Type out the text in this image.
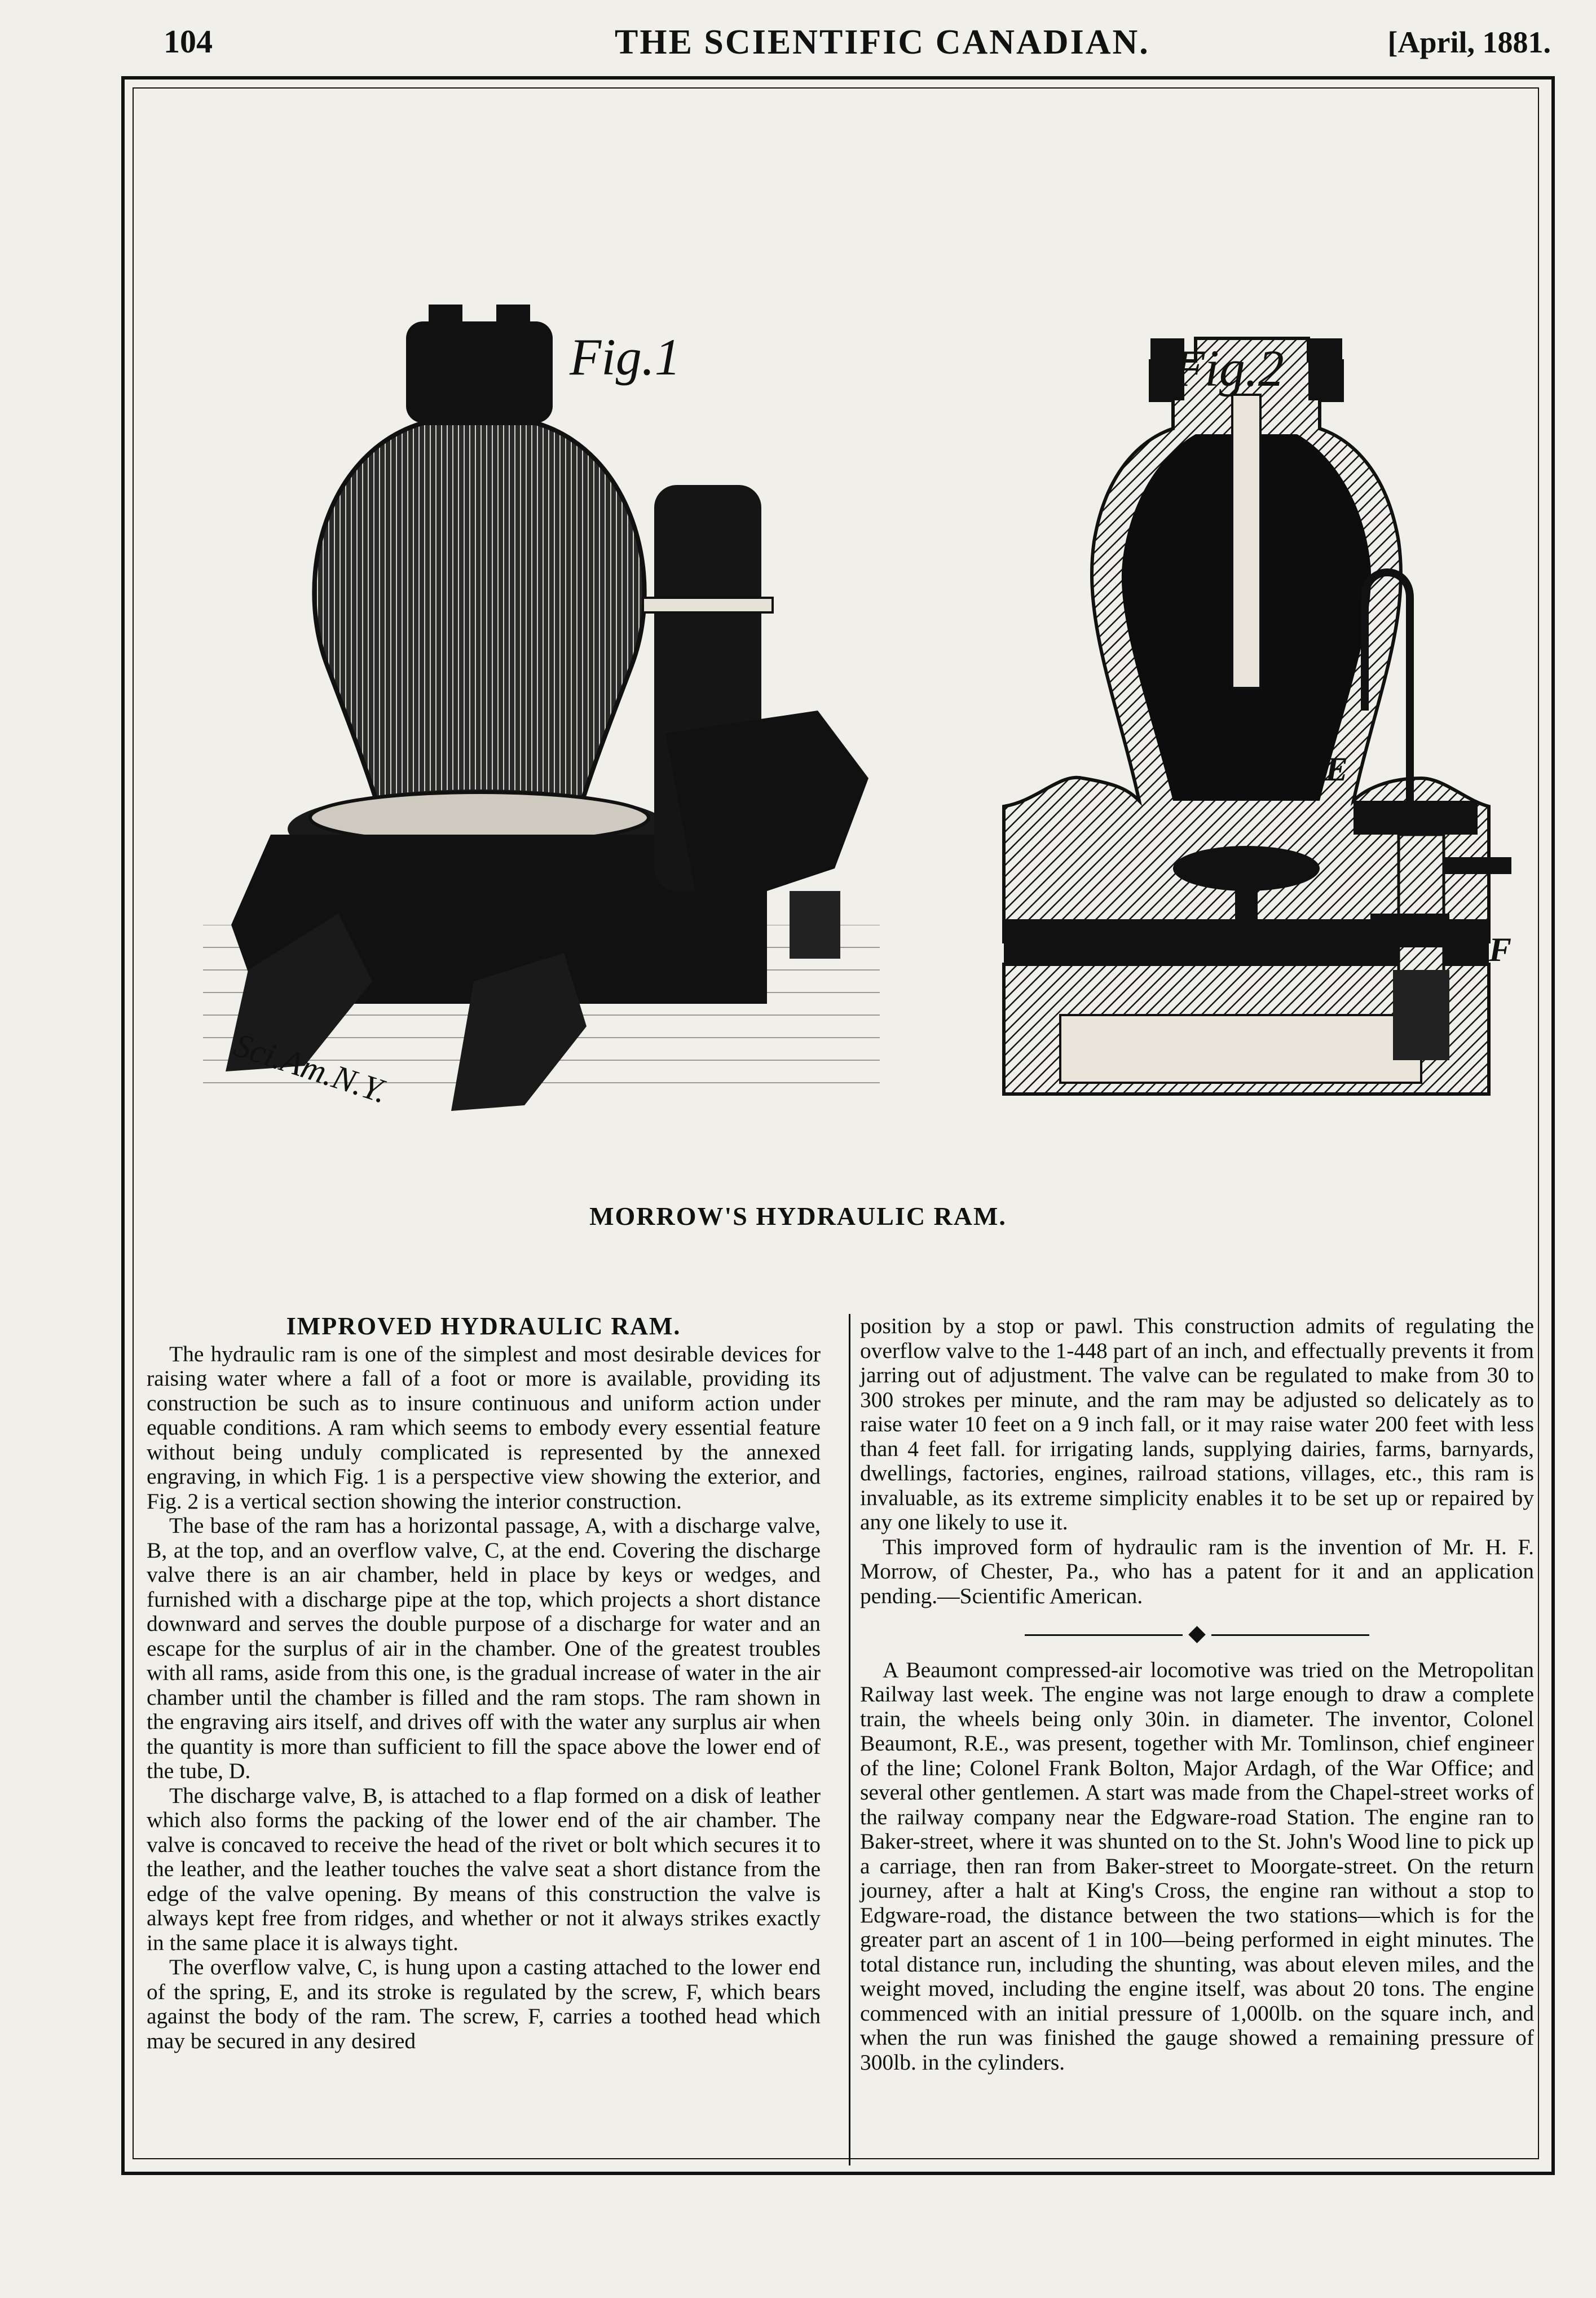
104	THE SCIENTIFIC CANADIAN.	[April, 1881.
Fig.1	Fig.2
E
F
Sci.Am.N.Y.
MORROW'S HYDRAULIC RAM.
IMPROVED HYDRAULIC RAM.

The hydraulic ram is one of the simplest and most desirable devices for raising water where a fall of a foot or more is available, providing its construction be such as to insure continuous and uniform action under equable conditions. A ram which seems to embody every essential feature without being unduly complicated is represented by the annexed engraving, in which Fig. 1 is a perspective view showing the exterior, and Fig. 2 is a vertical section showing the interior construction.

The base of the ram has a horizontal passage, A, with a discharge valve, B, at the top, and an overflow valve, C, at the end. Covering the discharge valve there is an air chamber, held in place by keys or wedges, and furnished with a discharge pipe at the top, which projects a short distance downward and serves the double purpose of a discharge for water and an escape for the surplus of air in the chamber. One of the greatest troubles with all rams, aside from this one, is the gradual increase of water in the air chamber until the chamber is filled and the ram stops. The ram shown in the engraving airs itself, and drives off with the water any surplus air when the quantity is more than sufficient to fill the space above the lower end of the tube, D.

The discharge valve, B, is attached to a flap formed on a disk of leather which also forms the packing of the lower end of the air chamber. The valve is concaved to receive the head of the rivet or bolt which secures it to the leather, and the leather touches the valve seat a short distance from the edge of the valve opening. By means of this construction the valve is always kept free from ridges, and whether or not it always strikes exactly in the same place it is always tight.

The overflow valve, C, is hung upon a casting attached to the lower end of the spring, E, and its stroke is regulated by the screw, F, which bears against the body of the ram. The screw, F, carries a toothed head which may be secured in any desired

position by a stop or pawl. This construction admits of regulating the overflow valve to the 1-448 part of an inch, and effectually prevents it from jarring out of adjustment. The valve can be regulated to make from 30 to 300 strokes per minute, and the ram may be adjusted so delicately as to raise water 10 feet on a 9 inch fall, or it may raise water 200 feet with less than 4 feet fall. for irrigating lands, supplying dairies, farms, barnyards, dwellings, factories, engines, railroad stations, villages, etc., this ram is invaluable, as its extreme simplicity enables it to be set up or repaired by any one likely to use it.

This improved form of hydraulic ram is the invention of Mr. H. F. Morrow, of Chester, Pa., who has a patent for it and an application pending.—Scientific American.

◆

A Beaumont compressed-air locomotive was tried on the Metropolitan Railway last week. The engine was not large enough to draw a complete train, the wheels being only 30in. in diameter. The inventor, Colonel Beaumont, R.E., was present, together with Mr. Tomlinson, chief engineer of the line; Colonel Frank Bolton, Major Ardagh, of the War Office; and several other gentlemen. A start was made from the Chapel-street works of the railway company near the Edgware-road Station. The engine ran to Baker-street, where it was shunted on to the St. John's Wood line to pick up a carriage, then ran from Baker-street to Moorgate-street. On the return journey, after a halt at King's Cross, the engine ran without a stop to Edgware-road, the distance between the two stations—which is for the greater part an ascent of 1 in 100—being performed in eight minutes. The total distance run, including the shunting, was about eleven miles, and the weight moved, including the engine itself, was about 20 tons. The engine commenced with an initial pressure of 1,000lb. on the square inch, and when the run was finished the gauge showed a remaining pressure of 300lb. in the cylinders.
